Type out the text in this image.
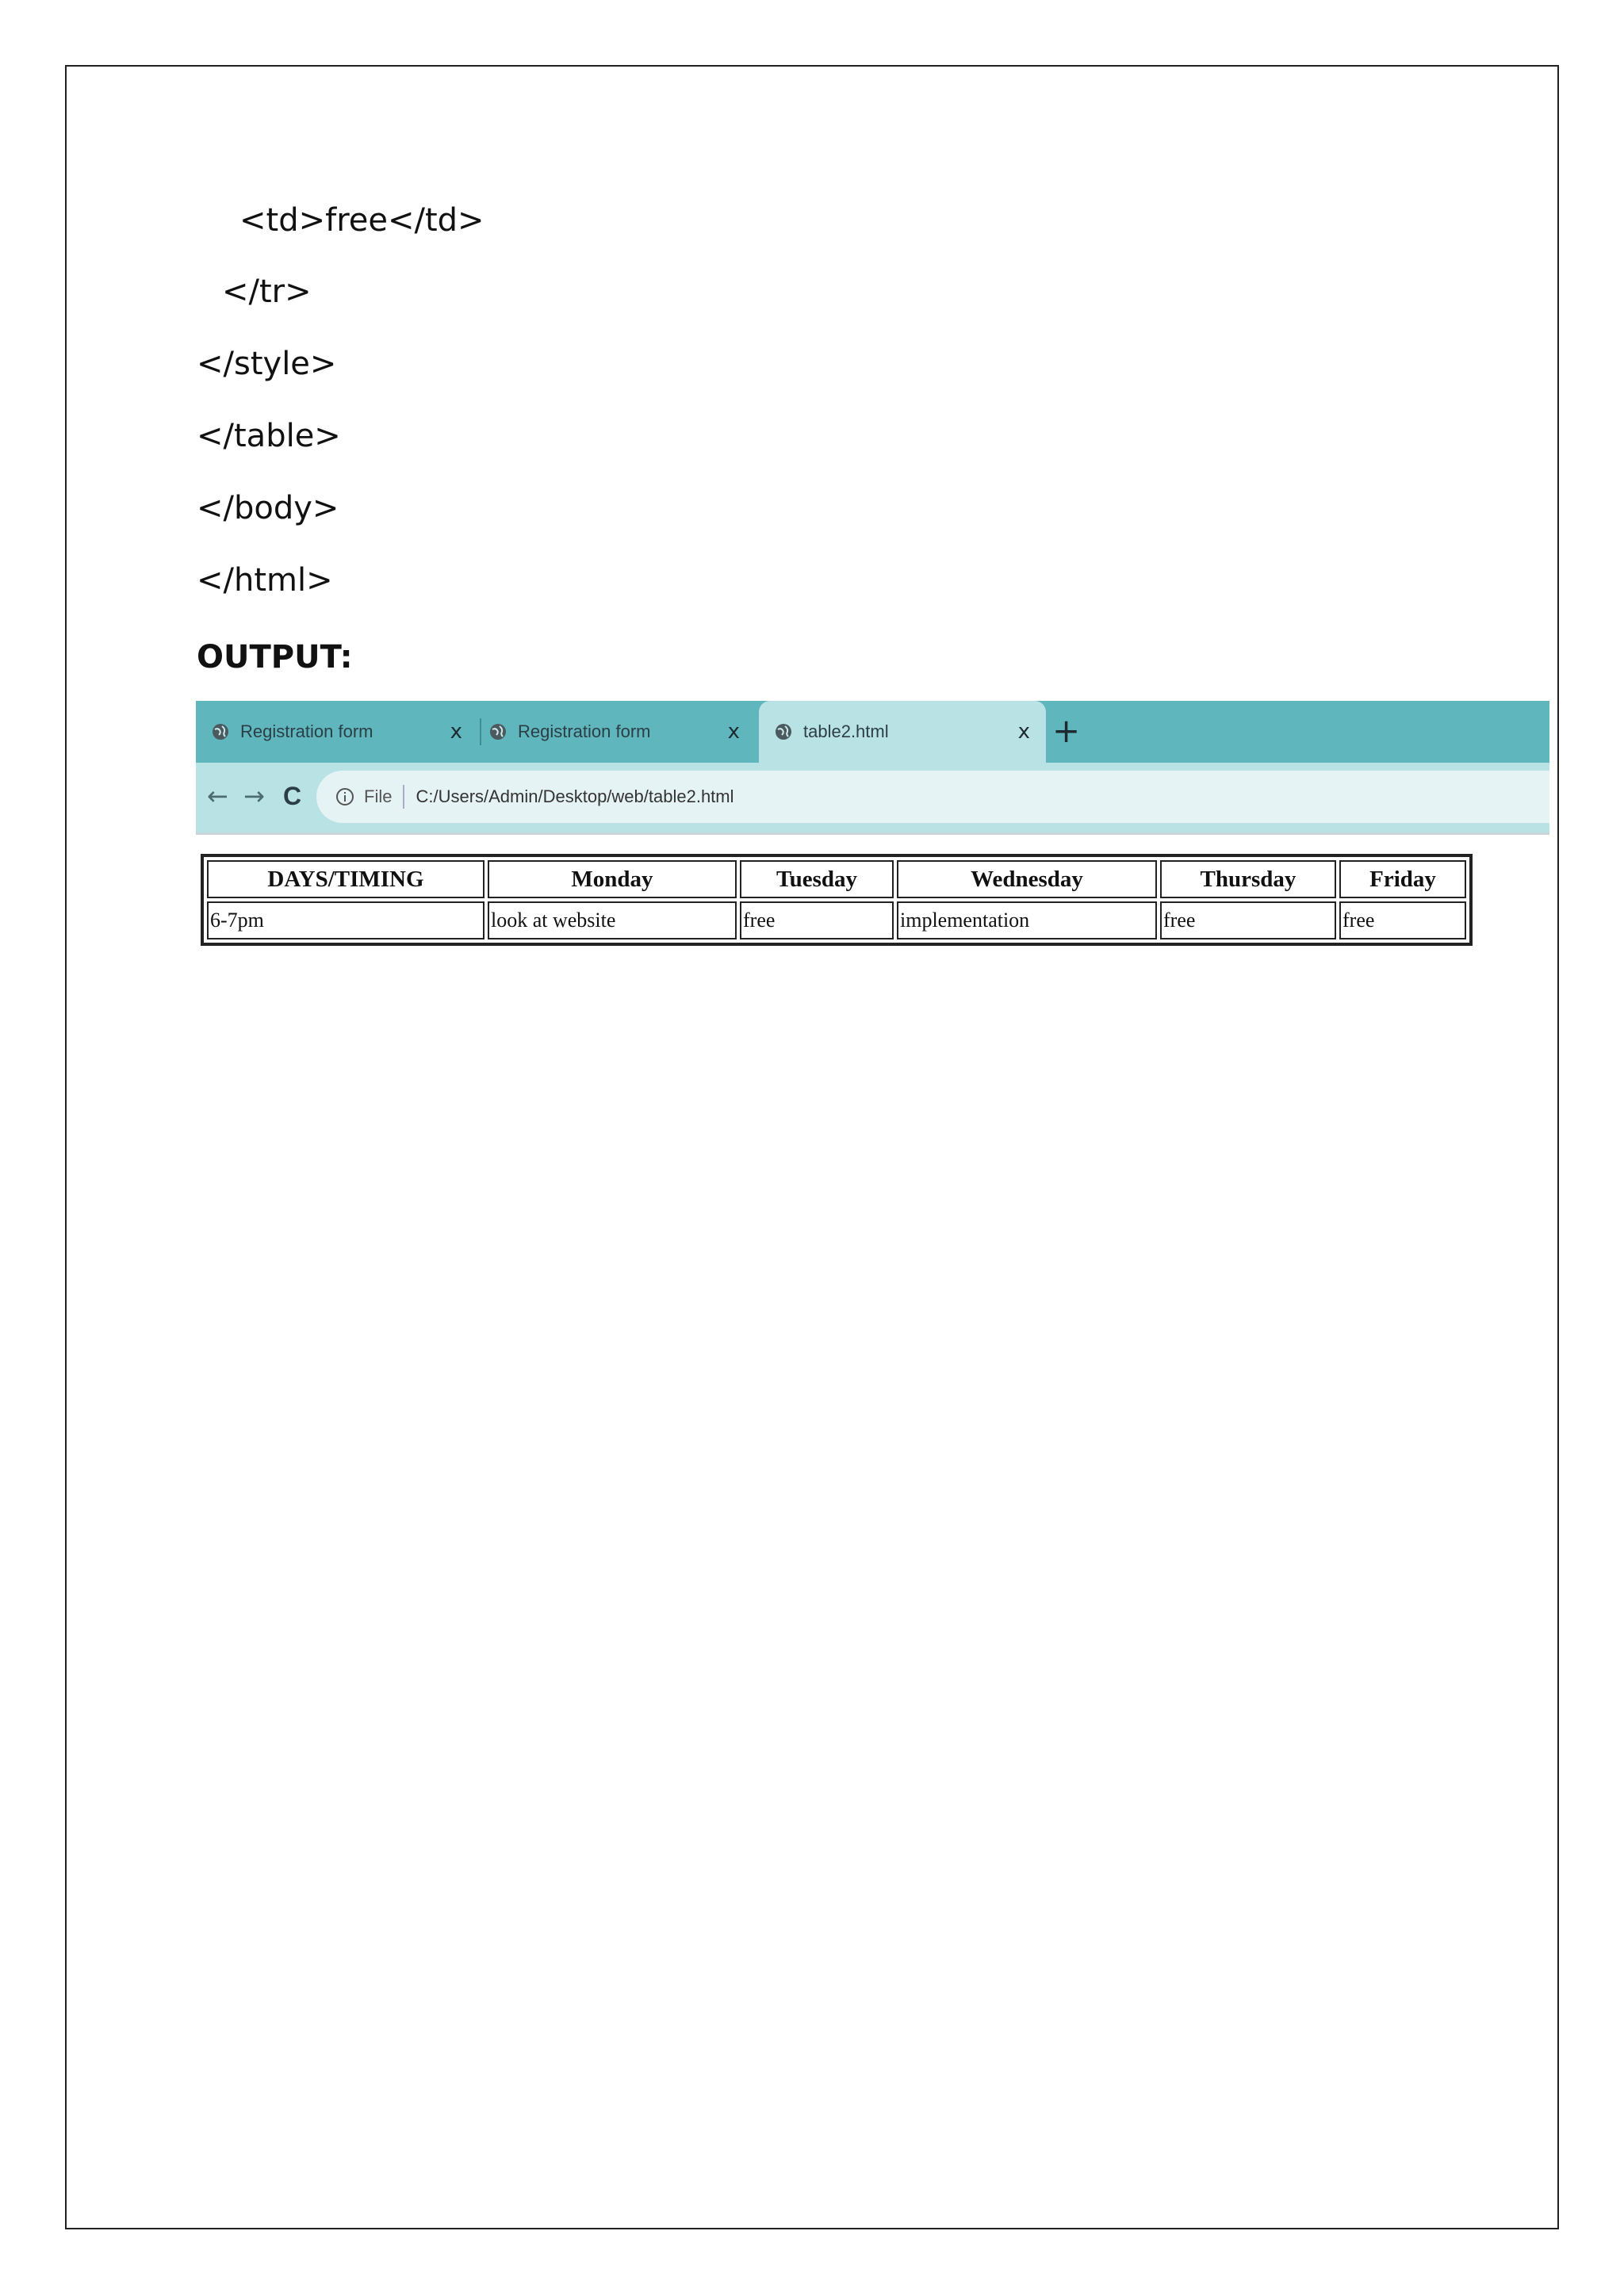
<td>free</td>
</tr>
</style>
</table>
</body>
</html>
OUTPUT:
Registration form	x	Registration form	x	table2.html	x +
← → C	File C:/Users/Admin/Desktop/web/table2.html
DAYS/TIMING	Monday	Tuesday	Wednesday	Thursday	Friday
6-7pm	look at website	free	implementation	free	free
